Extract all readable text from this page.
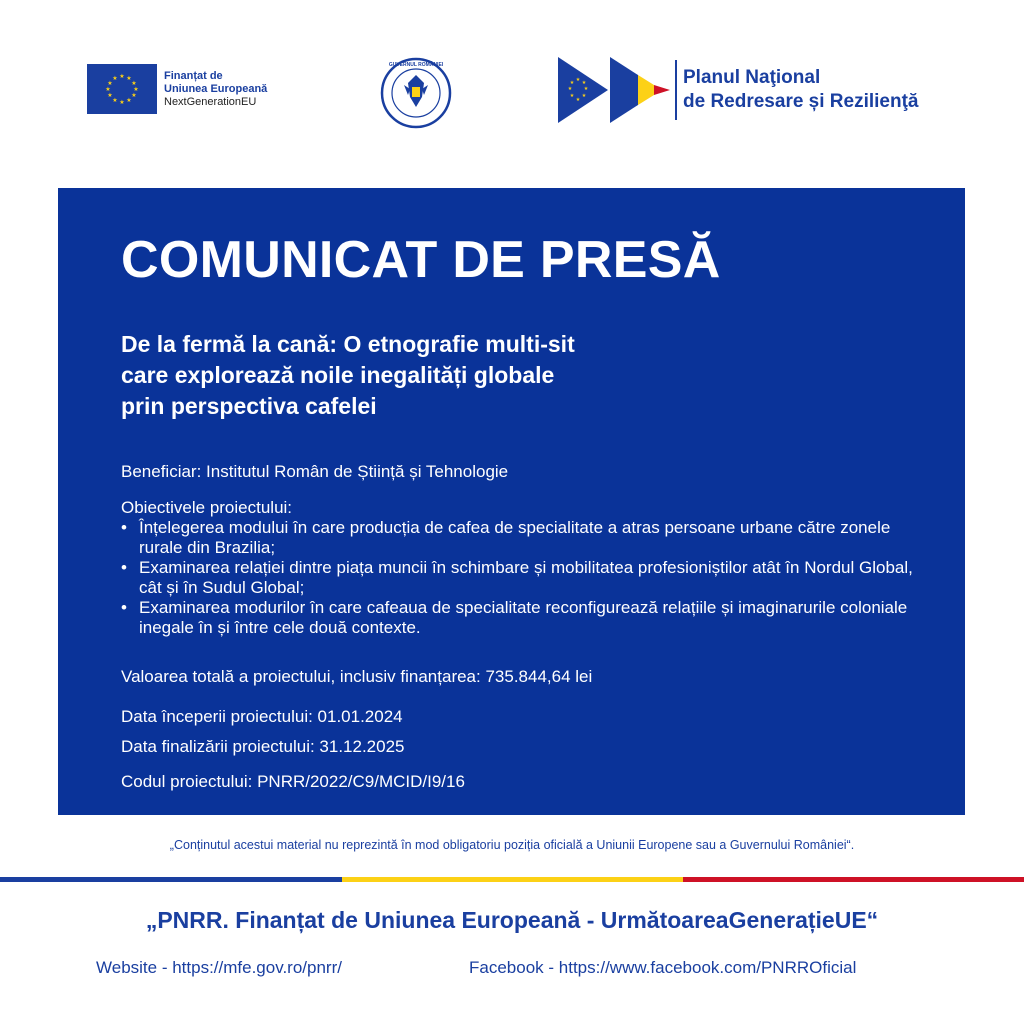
★ ★
★
★
★
★
★
★
★
★
★
★	Finanțat de
Uniunea Europeană
NextGenerationEU
GUVERNUL ROMÂNIEI
★ ★
★
★
★
★
★
★	Planul Naţional
de Redresare și Rezilienţă
COMUNICAT DE PRESĂ
De la fermă la cană: O etnografie multi-sit
care explorează noile inegalități globale
prin perspectiva cafelei
Beneficiar: Institutul Român de Știință și Tehnologie
Obiectivele proiectului:
• Înțelegerea modului în care producția de cafea de specialitate a atras persoane urbane către zonele rurale din Brazilia;
• Examinarea relației dintre piața muncii în schimbare și mobilitatea profesioniștilor atât în Nordul Global, cât și în Sudul Global;
• Examinarea modurilor în care cafeaua de specialitate reconfigurează relațiile și imaginarurile coloniale inegale în și între cele două contexte.
Valoarea totală a proiectului, inclusiv finanțarea: 735.844,64 lei
Data începerii proiectului: 01.01.2024
Data finalizării proiectului: 31.12.2025
Codul proiectului: PNRR/2022/C9/MCID/I9/16
„Conținutul acestui material nu reprezintă în mod obligatoriu poziția oficială a Uniunii Europene sau a Guvernului României“.
„PNRR. Finanțat de Uniunea Europeană - UrmătoareaGenerațieUE“
Website - https://mfe.gov.ro/pnrr/	Facebook - https://www.facebook.com/PNRROficial
